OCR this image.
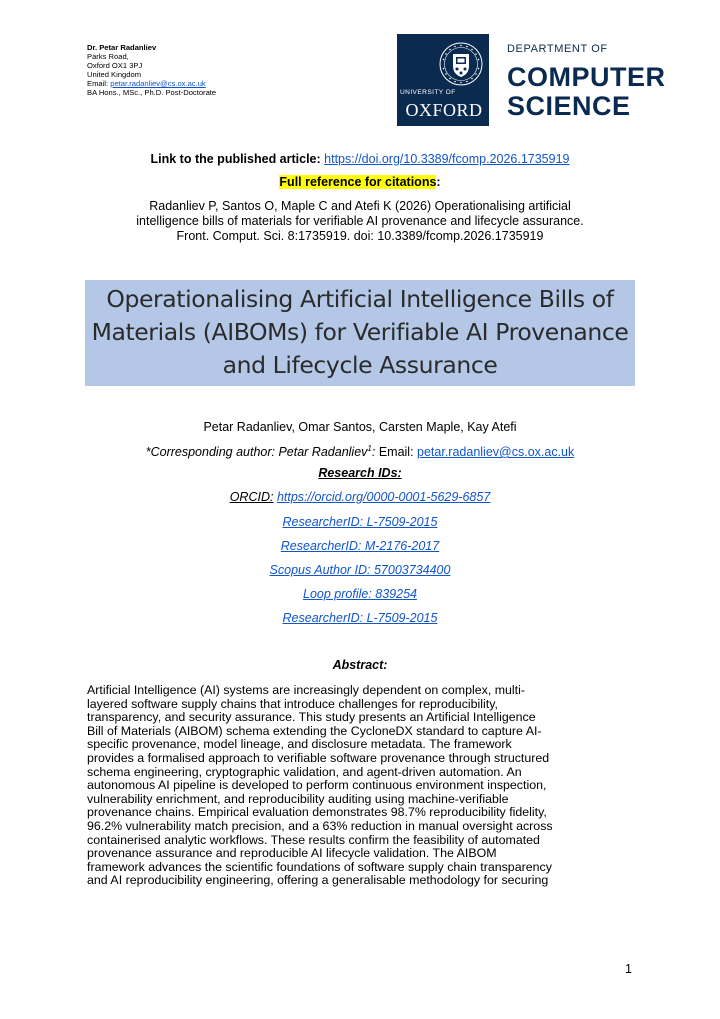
Dr. Petar Radanliev
Parks Road,
Oxford OX1 3PJ
United Kingdom
Email: petar.radanliev@cs.ox.ac.uk
BA Hons., MSc., Ph.D. Post-Doctorate	UNIVERSITY OF
OXFORD
DEPARTMENT OF
COMPUTER
SCIENCE
Link to the published article: https://doi.org/10.3389/fcomp.2026.1735919
Full reference for citations:
Radanliev P, Santos O, Maple C and Atefi K (2026) Operationalising artificial
intelligence bills of materials for verifiable AI provenance and lifecycle assurance.
Front. Comput. Sci. 8:1735919. doi: 10.3389/fcomp.2026.1735919
Operationalising Artificial Intelligence Bills of
Materials (AIBOMs) for Verifiable AI Provenance
and Lifecycle Assurance
Petar Radanliev, Omar Santos, Carsten Maple, Kay Atefi
*Corresponding author: Petar Radanliev$^1$: Email: petar.radanliev@cs.ox.ac.uk
Research IDs:
ORCID: https://orcid.org/0000-0001-5629-6857
ResearcherID: L-7509-2015
ResearcherID: M-2176-2017
Scopus Author ID: 57003734400
Loop profile: 839254
ResearcherID: L-7509-2015
Abstract:
Artificial Intelligence (AI) systems are increasingly dependent on complex, multi-
layered software supply chains that introduce challenges for reproducibility,
transparency, and security assurance. This study presents an Artificial Intelligence
Bill of Materials (AIBOM) schema extending the CycloneDX standard to capture AI-
specific provenance, model lineage, and disclosure metadata. The framework
provides a formalised approach to verifiable software provenance through structured
schema engineering, cryptographic validation, and agent-driven automation. An
autonomous AI pipeline is developed to perform continuous environment inspection,
vulnerability enrichment, and reproducibility auditing using machine-verifiable
provenance chains. Empirical evaluation demonstrates 98.7% reproducibility fidelity,
96.2% vulnerability match precision, and a 63% reduction in manual oversight across
containerised analytic workflows. These results confirm the feasibility of automated
provenance assurance and reproducible AI lifecycle validation. The AIBOM
framework advances the scientific foundations of software supply chain transparency
and AI reproducibility engineering, offering a generalisable methodology for securing
1
